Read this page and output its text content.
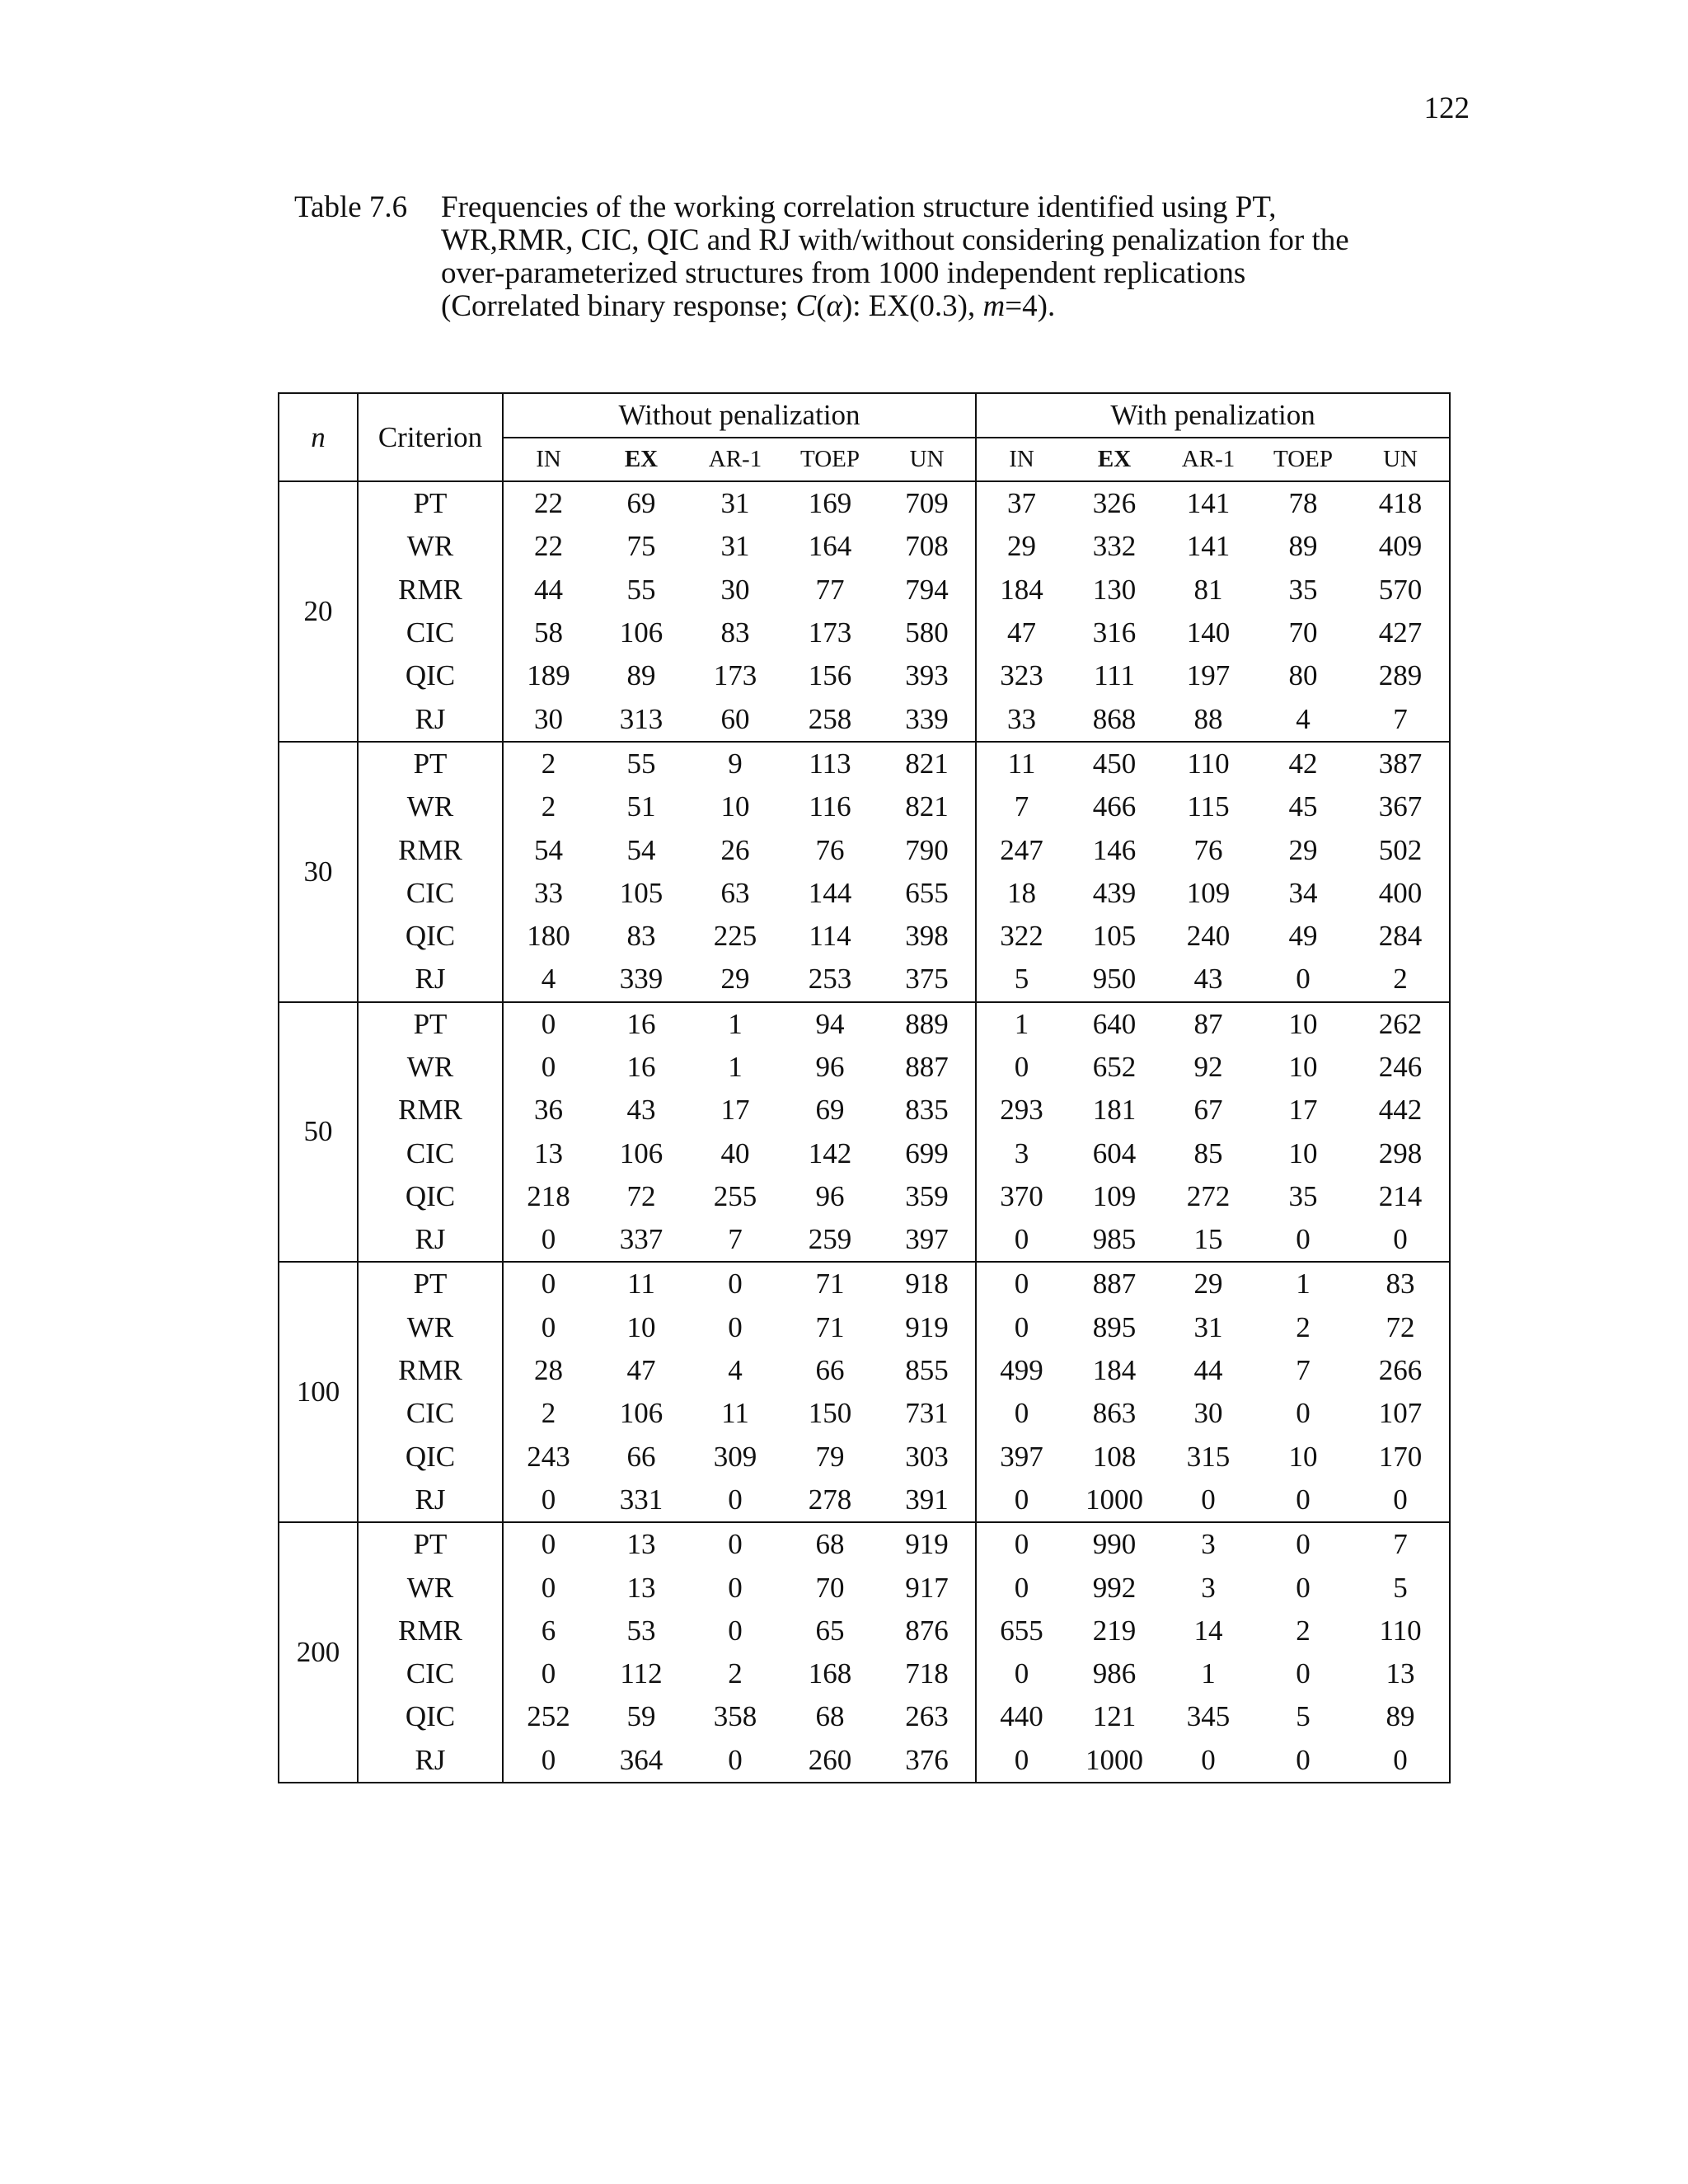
122
Table 7.6	Frequencies of the working correlation structure identified using PT,
WR,RMR, CIC, QIC and RJ with/without considering penalization for the
over-parameterized structures from 1000 independent replications
(Correlated binary response; C(α): EX(0.3), m=4).
n	Criterion	Without penalization					With penalization				
		IN	EX	AR-1	TOEP	UN	IN	EX	AR-1	TOEP	UN
20	PT	22	69	31	169	709	37	326	141	78	418
	WR	22	75	31	164	708	29	332	141	89	409
	RMR	44	55	30	77	794	184	130	81	35	570
	CIC	58	106	83	173	580	47	316	140	70	427
	QIC	189	89	173	156	393	323	111	197	80	289
	RJ	30	313	60	258	339	33	868	88	4	7
30	PT	2	55	9	113	821	11	450	110	42	387
	WR	2	51	10	116	821	7	466	115	45	367
	RMR	54	54	26	76	790	247	146	76	29	502
	CIC	33	105	63	144	655	18	439	109	34	400
	QIC	180	83	225	114	398	322	105	240	49	284
	RJ	4	339	29	253	375	5	950	43	0	2
50	PT	0	16	1	94	889	1	640	87	10	262
	WR	0	16	1	96	887	0	652	92	10	246
	RMR	36	43	17	69	835	293	181	67	17	442
	CIC	13	106	40	142	699	3	604	85	10	298
	QIC	218	72	255	96	359	370	109	272	35	214
	RJ	0	337	7	259	397	0	985	15	0	0
100	PT	0	11	0	71	918	0	887	29	1	83
	WR	0	10	0	71	919	0	895	31	2	72
	RMR	28	47	4	66	855	499	184	44	7	266
	CIC	2	106	11	150	731	0	863	30	0	107
	QIC	243	66	309	79	303	397	108	315	10	170
	RJ	0	331	0	278	391	0	1000	0	0	0
200	PT	0	13	0	68	919	0	990	3	0	7
	WR	0	13	0	70	917	0	992	3	0	5
	RMR	6	53	0	65	876	655	219	14	2	110
	CIC	0	112	2	168	718	0	986	1	0	13
	QIC	252	59	358	68	263	440	121	345	5	89
	RJ	0	364	0	260	376	0	1000	0	0	0
